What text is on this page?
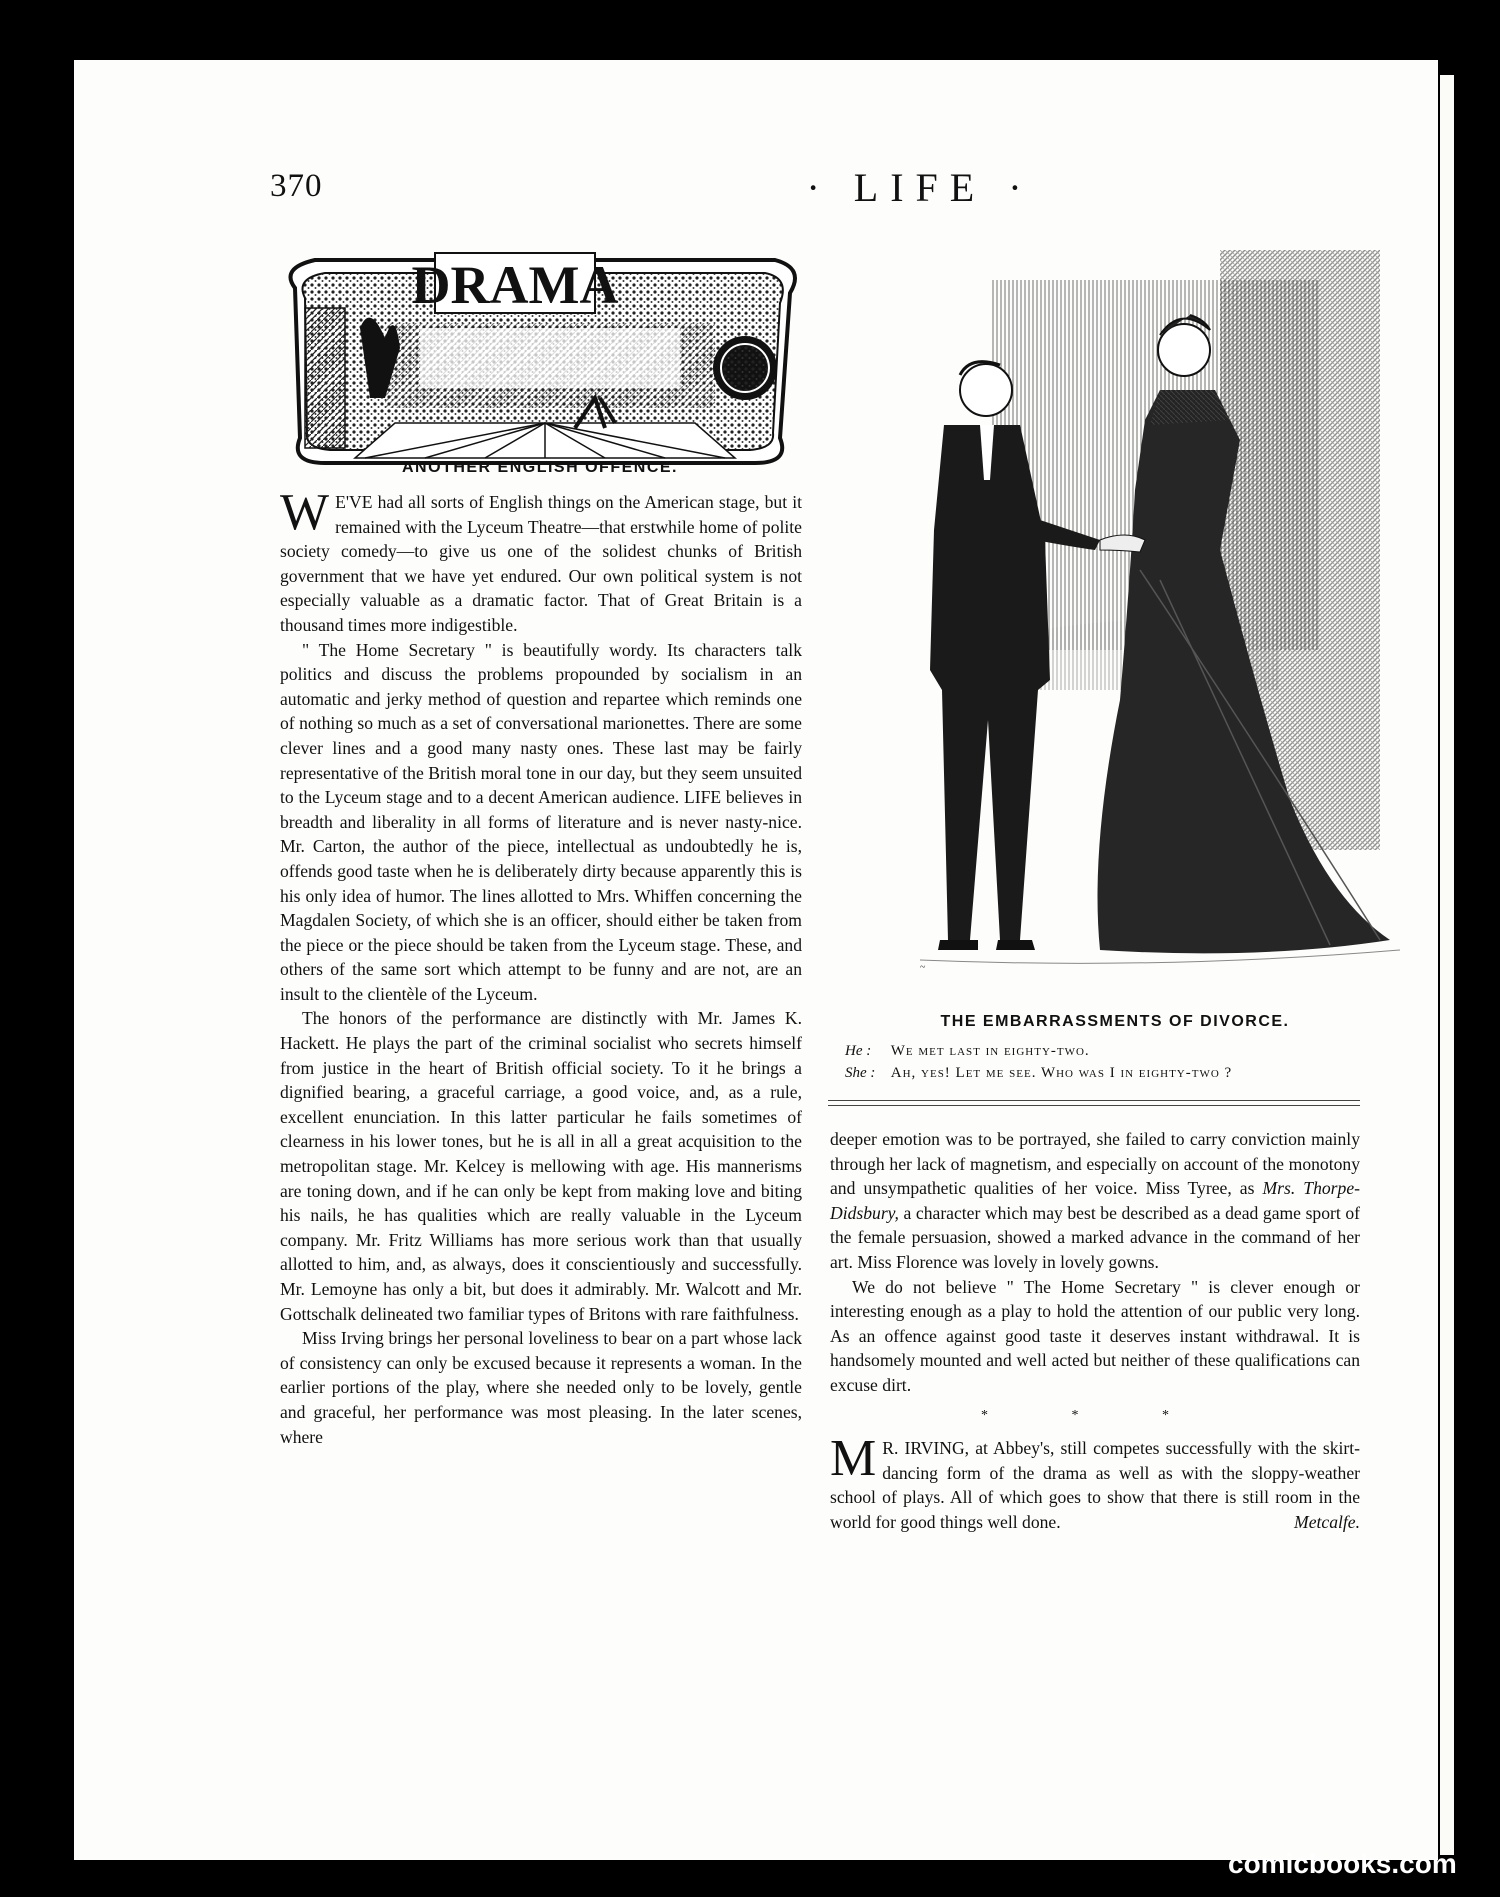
370	· LIFE ·
DRAMA
ANOTHER ENGLISH OFFENCE.

W E'VE had all sorts of English things on the American stage, but it remained with the Lyceum Theatre—that erstwhile home of polite society comedy—to give us one of the solidest chunks of British government that we have yet endured. Our own political system is not especially valuable as a dramatic factor. That of Great Britain is a thousand times more indigestible.

" The Home Secretary " is beautifully wordy. Its characters talk politics and discuss the problems propounded by socialism in an automatic and jerky method of question and repartee which reminds one of nothing so much as a set of conversational marionettes. There are some clever lines and a good many nasty ones. These last may be fairly representative of the British moral tone in our day, but they seem unsuited to the Lyceum stage and to a decent American audience. LIFE believes in breadth and liberality in all forms of literature and is never nasty-nice. Mr. Carton, the author of the piece, intellectual as undoubtedly he is, offends good taste when he is deliberately dirty because apparently this is his only idea of humor. The lines allotted to Mrs. Whiffen concerning the Magdalen Society, of which she is an officer, should either be taken from the piece or the piece should be taken from the Lyceum stage. These, and others of the same sort which attempt to be funny and are not, are an insult to the clientèle of the Lyceum.

The honors of the performance are distinctly with Mr. James K. Hackett. He plays the part of the criminal socialist who secrets himself from justice in the heart of British official society. To it he brings a dignified bearing, a graceful carriage, a good voice, and, as a rule, excellent enunciation. In this latter particular he fails sometimes of clearness in his lower tones, but he is all in all a great acquisition to the metropolitan stage. Mr. Kelcey is mellowing with age. His mannerisms are toning down, and if he can only be kept from making love and biting his nails, he has qualities which are really valuable in the Lyceum company. Mr. Fritz Williams has more serious work than that usually allotted to him, and, as always, does it conscientiously and successfully. Mr. Lemoyne has only a bit, but does it admirably. Mr. Walcott and Mr. Gottschalk delineated two familiar types of Britons with rare faithfulness.

Miss Irving brings her personal loveliness to bear on a part whose lack of consistency can only be excused because it represents a woman. In the earlier portions of the play, where she needed only to be lovely, gentle and graceful, her performance was most pleasing. In the later scenes, where

~
THE EMBARRASSMENTS OF DIVORCE.
He : We met last in eighty-two.
She : Ah, yes! Let me see. Who was I in eighty-two ?

deeper emotion was to be portrayed, she failed to carry conviction mainly through her lack of magnetism, and especially on account of the monotony and unsympathetic qualities of her voice. Miss Tyree, as Mrs. Thorpe-Didsbury, a character which may best be described as a dead game sport of the female persuasion, showed a marked advance in the command of her art. Miss Florence was lovely in lovely gowns.

We do not believe " The Home Secretary " is clever enough or interesting enough as a play to hold the attention of our public very long. As an offence against good taste it deserves instant withdrawal. It is handsomely mounted and well acted but neither of these qualifications can excuse dirt.

* * *

M R. IRVING, at Abbey's, still competes successfully with the skirt-dancing form of the drama as well as with the sloppy-weather school of plays. All of which goes to show that there is still room in the world for good things well done.	Metcalfe.

comicbooks.com
